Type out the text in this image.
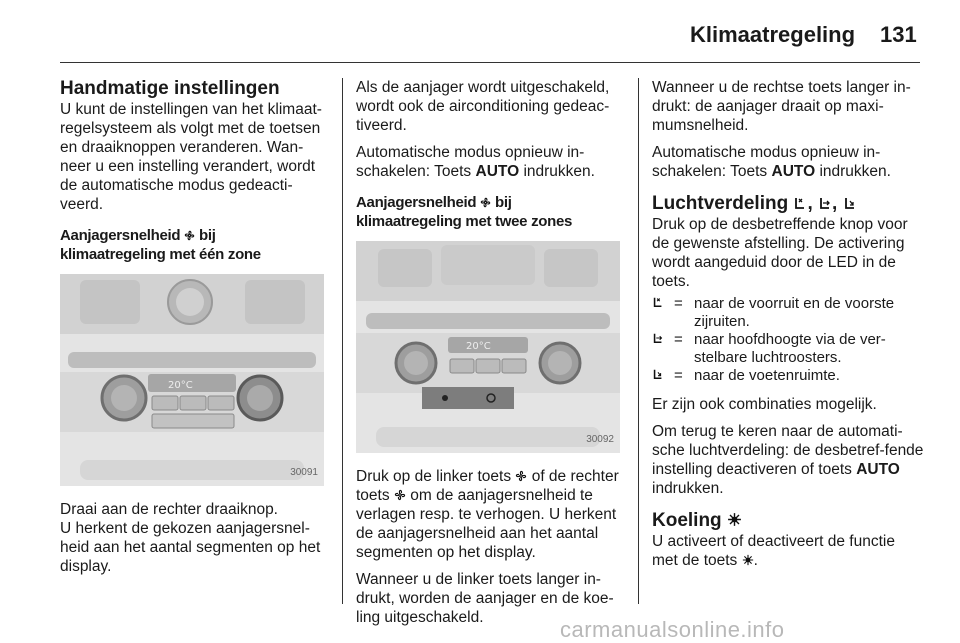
Klimaatregeling 131
Handmatige instellingen

U kunt de instellingen van het klimaat-regelsysteem als volgt met de toetsen en draaiknoppen veranderen. Wan-neer u een instelling verandert, wordt de automatische modus gedeacti-veerd.

Aanjagersnelheid bij
klimaatregeling met één zone
20°C
30091

Draai aan de rechter draaiknop.
U herkent de gekozen aanjagersnel-heid aan het aantal segmenten op het display.

Als de aanjager wordt uitgeschakeld, wordt ook de airconditioning gedeac-tiveerd.

Automatische modus opnieuw in-schakelen: Toets AUTO indrukken.

Aanjagersnelheid bij
klimaatregeling met twee zones
20°C
30092

Druk op de linker toets of de rechter toets om de aanjagersnelheid te verlagen resp. te verhogen. U herkent de aanjagersnelheid aan het aantal segmenten op het display.

Wanneer u de linker toets langer in-drukt, worden de aanjager en de koe-ling uitgeschakeld.

Wanneer u de rechtse toets langer in-drukt: de aanjager draait op maxi-mumsnelheid.

Automatische modus opnieuw in-schakelen: Toets AUTO indrukken.

Luchtverdeling , ,

Druk op de desbetreffende knop voor de gewenste afstelling. De activering wordt aangeduid door de LED in de toets.

= naar de voorruit en de voorste zijruiten.
= naar hoofdhoogte via de ver-stelbare luchtroosters.
= naar de voetenruimte.

Er zijn ook combinaties mogelijk.

Om terug te keren naar de automati-sche luchtverdeling: de desbetref-fende instelling deactiveren of toets AUTO indrukken.

Koeling

U activeert of deactiveert de functie met de toets .

carmanualsonline.info
